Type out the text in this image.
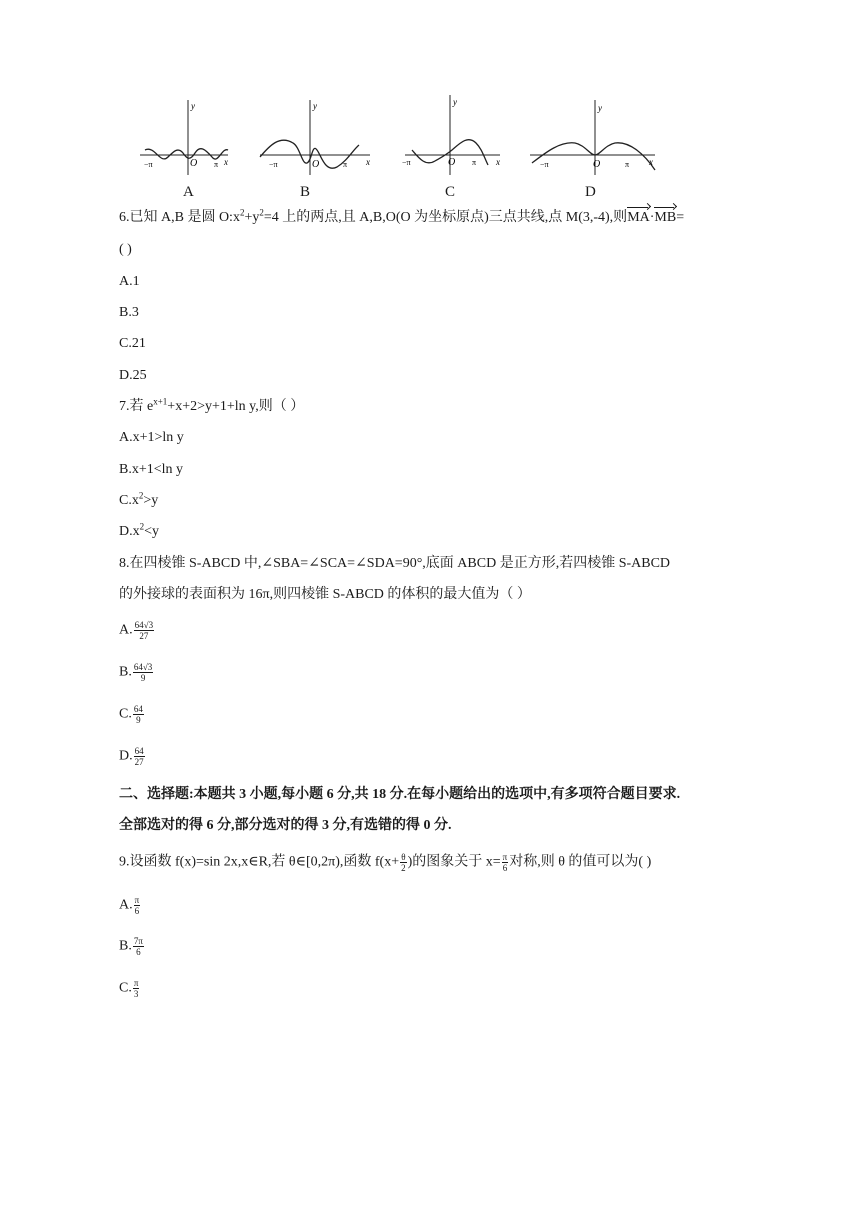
y
x
O
−π	π
y
x
O
−π	π
y
x
O
−π	π
y
x
O
−π	π
A	B	C	D
6.已知 A,B 是圆 $O:x^2+y^2=4$ 上的两点,且 A,B,O(O 为坐标原点)三点共线,点 M(3,-4),则MA·MB=
( )
A.1
B.3
C.21
D.25
7.若 $e^{x+1}+x+2>y+1+\ln$ y,则（ ）
A.x+1>ln y
B.x+1<ln y
$C.x^2>y$
$D.x^2<y$
8.在四棱锥 S-ABCD 中,∠SBA=∠SCA=∠SDA=90°,底面 ABCD 是正方形,若四棱锥 S-ABCD
的外接球的表面积为 16π,则四棱锥 S-ABCD 的体积的最大值为（ ）
A. $\frac{64√3}{27}$
B. $\frac{64√3}{9}$
C. $\frac{64}{9}$
D. $\frac{64}{27}$
二、选择题:本题共 3 小题,每小题 6 分,共 18 分.在每小题给出的选项中,有多项符合题目要求.
全部选对的得 6 分,部分选对的得 3 分,有选错的得 0 分.
9.设函数 f(x)=sin 2x,x∈R,若 θ∈[0,2π),函数 $f(x+ \frac{\theta}{2}$ )的图象关于 $x= \frac{\pi}{6}$ 对称,则 θ 的值可以为( )
A. $\frac{\pi}{6}$
B. $\frac{7\pi}{6}$
C. $\frac{\pi}{3}$
